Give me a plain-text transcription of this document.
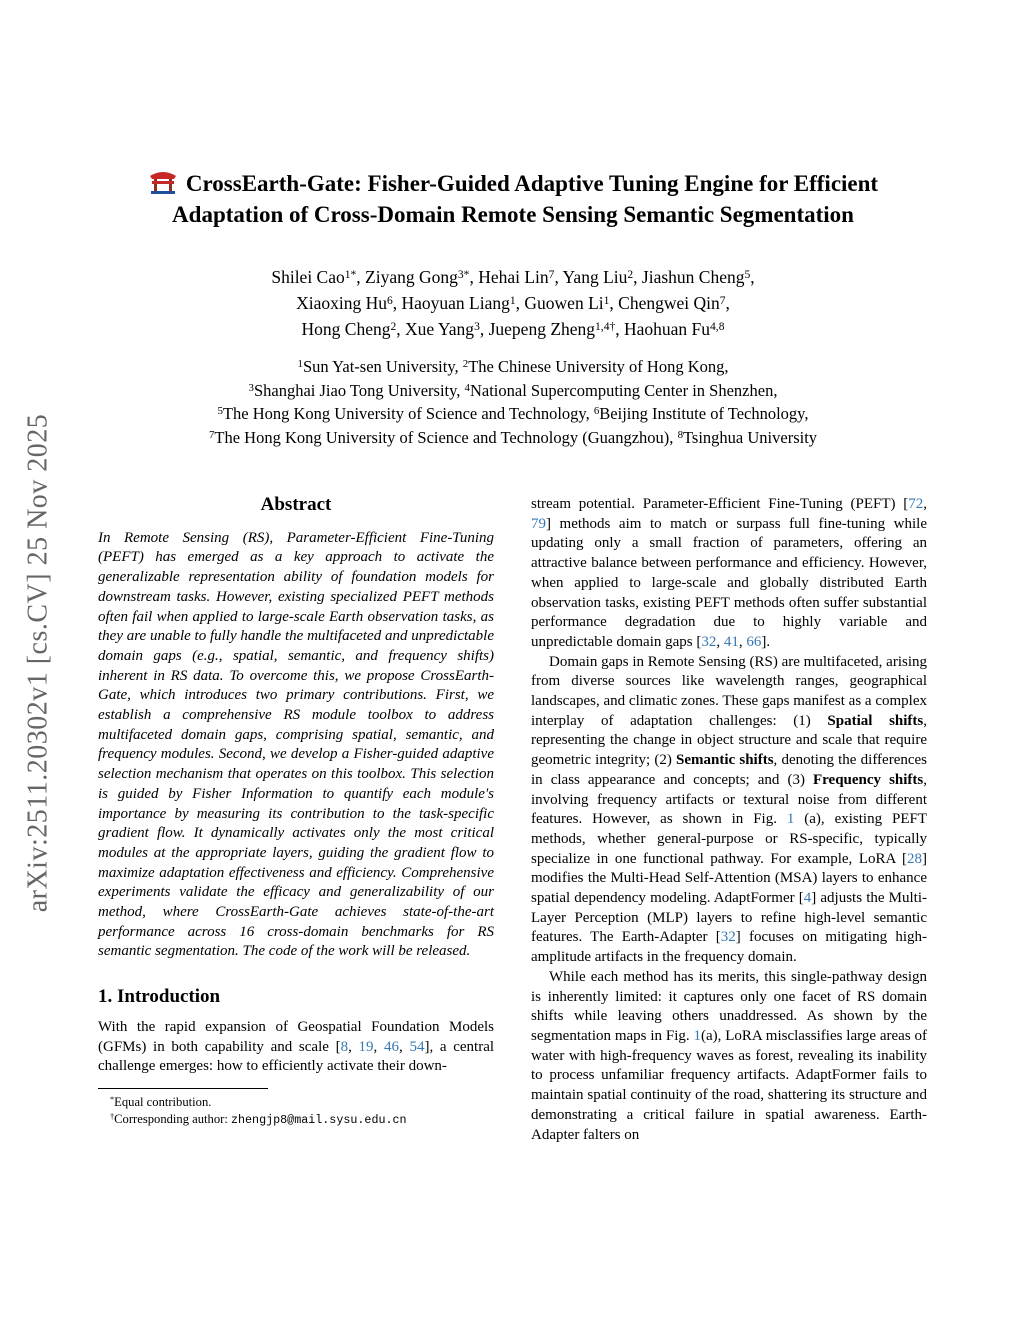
arXiv:2511.20302v1 [cs.CV] 25 Nov 2025
CrossEarth-Gate: Fisher-Guided Adaptive Tuning Engine for Efficient
Adaptation of Cross-Domain Remote Sensing Semantic Segmentation
Shilei Cao$^{1*}$, Ziyang Gong$^{3*}$, Hehai Lin$^7$, Yang Liu$^2$, Jiashun Cheng$^5$,
Xiaoxing Hu$^6$, Haoyuan Liang$^1$, Guowen Li$^1$, Chengwei Qin$^7$,
Hong Cheng$^2$, Xue Yang$^3$, Juepeng Zheng$^{1,4\dagger}$, Haohuan Fu$^{4,8}$
$^1$Sun Yat-sen University, $^2$The Chinese University of Hong Kong,
$^3$Shanghai Jiao Tong University, $^4$National Supercomputing Center in Shenzhen,
$^5$The Hong Kong University of Science and Technology, $^6$Beijing Institute of Technology,
$^7$The Hong Kong University of Science and Technology (Guangzhou), $^8$Tsinghua University
Abstract

In Remote Sensing (RS), Parameter-Efficient Fine-Tuning (PEFT) has emerged as a key approach to activate the generalizable representation ability of foundation models for downstream tasks. However, existing specialized PEFT methods often fail when applied to large-scale Earth observation tasks, as they are unable to fully handle the multifaceted and unpredictable domain gaps (e.g., spatial, semantic, and frequency shifts) inherent in RS data. To overcome this, we propose CrossEarth-Gate, which introduces two primary contributions. First, we establish a comprehensive RS module toolbox to address multifaceted domain gaps, comprising spatial, semantic, and frequency modules. Second, we develop a Fisher-guided adaptive selection mechanism that operates on this toolbox. This selection is guided by Fisher Information to quantify each module's importance by measuring its contribution to the task-specific gradient flow. It dynamically activates only the most critical modules at the appropriate layers, guiding the gradient flow to maximize adaptation effectiveness and efficiency. Comprehensive experiments validate the efficacy and generalizability of our method, where CrossEarth-Gate achieves state-of-the-art performance across 16 cross-domain benchmarks for RS semantic segmentation. The code of the work will be released.

1. Introduction

With the rapid expansion of Geospatial Foundation Models (GFMs) in both capability and scale [8, 19, 46, 54], a central challenge emerges: how to efficiently activate their down-

*Equal contribution.
†Corresponding author: zhengjp8@mail.sysu.edu.cn

stream potential. Parameter-Efficient Fine-Tuning (PEFT) [72, 79] methods aim to match or surpass full fine-tuning while updating only a small fraction of parameters, offering an attractive balance between performance and efficiency. However, when applied to large-scale and globally distributed Earth observation tasks, existing PEFT methods often suffer substantial performance degradation due to highly variable and unpredictable domain gaps [32, 41, 66].

Domain gaps in Remote Sensing (RS) are multifaceted, arising from diverse sources like wavelength ranges, geographical landscapes, and climatic zones. These gaps manifest as a complex interplay of adaptation challenges: (1) Spatial shifts, representing the change in object structure and scale that require geometric integrity; (2) Semantic shifts, denoting the differences in class appearance and concepts; and (3) Frequency shifts, involving frequency artifacts or textural noise from different features. However, as shown in Fig. 1 (a), existing PEFT methods, whether general-purpose or RS-specific, typically specialize in one functional pathway. For example, LoRA [28] modifies the Multi-Head Self-Attention (MSA) layers to enhance spatial dependency modeling. AdaptFormer [4] adjusts the Multi-Layer Perception (MLP) layers to refine high-level semantic features. The Earth-Adapter [32] focuses on mitigating high-amplitude artifacts in the frequency domain.

While each method has its merits, this single-pathway design is inherently limited: it captures only one facet of RS domain shifts while leaving others unaddressed. As shown by the segmentation maps in Fig. 1(a), LoRA misclassifies large areas of water with high-frequency waves as forest, revealing its inability to process unfamiliar frequency artifacts. AdaptFormer fails to maintain spatial continuity of the road, shattering its structure and demonstrating a critical failure in spatial awareness. Earth-Adapter falters on
